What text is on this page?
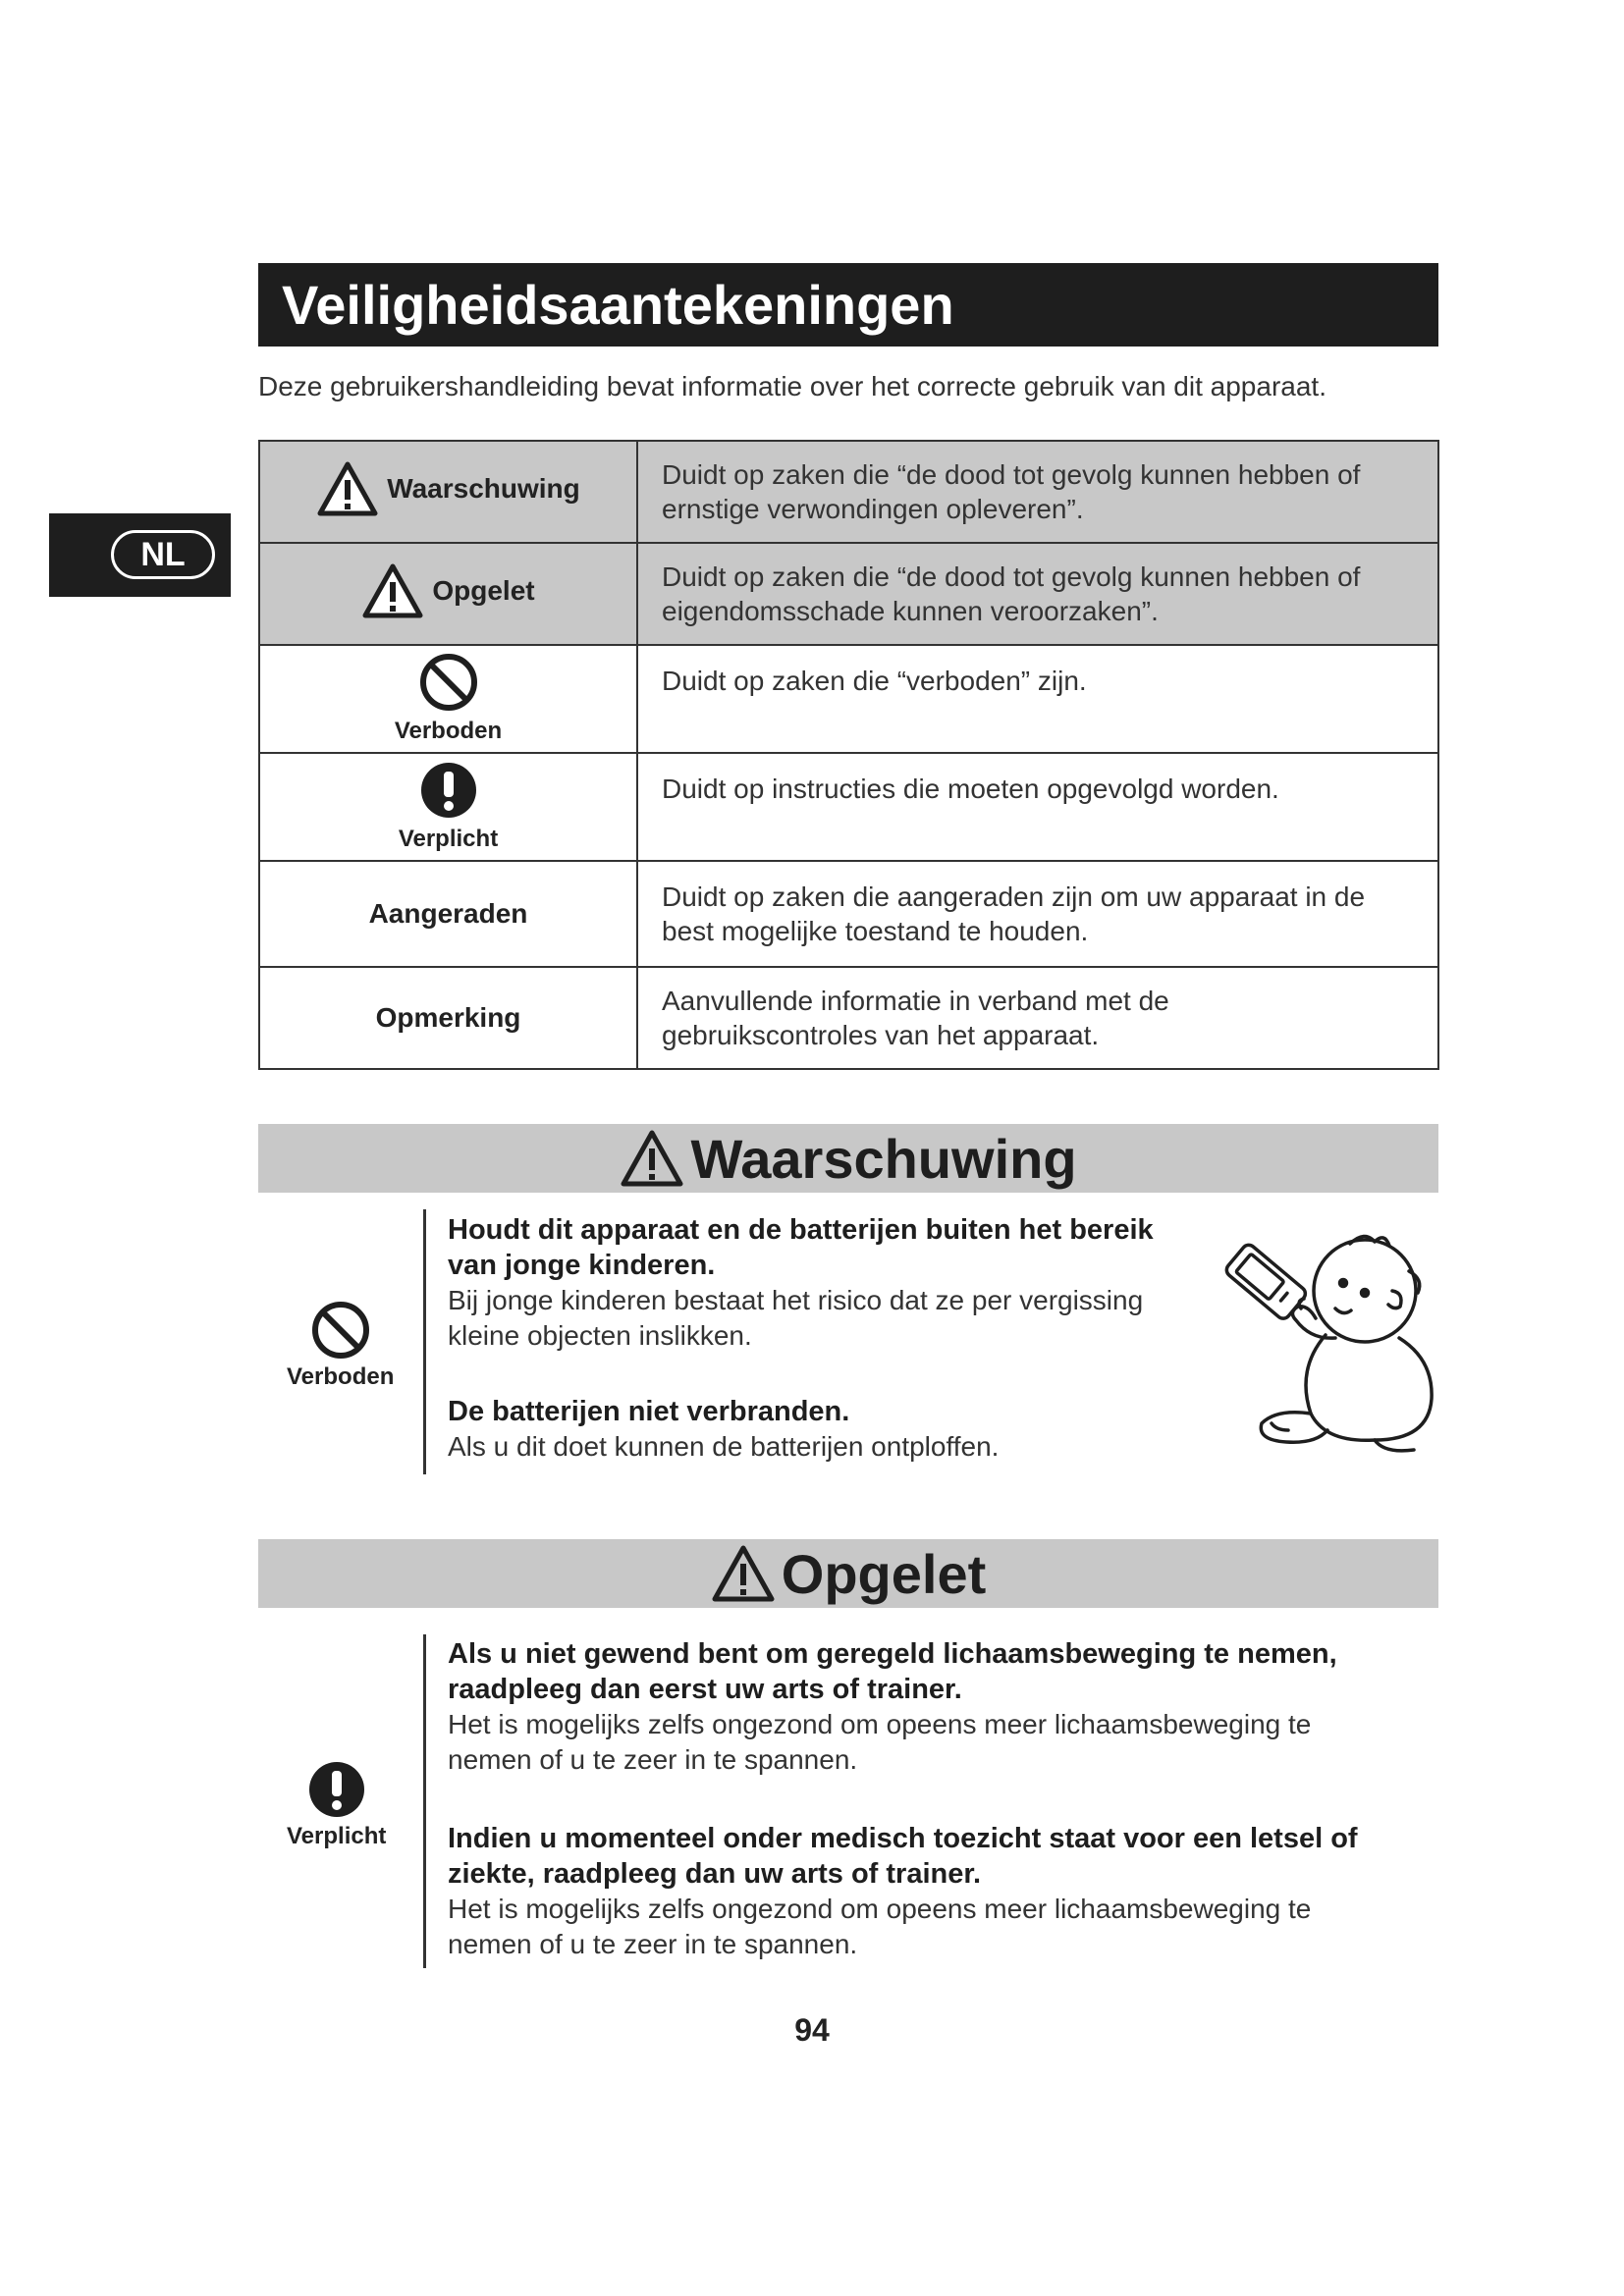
Veiligheidsaantekeningen
Deze gebruikershandleiding bevat informatie over het correcte gebruik van dit apparaat.
NL
Waarschuwing	Duidt op zaken die “de dood tot gevolg kunnen hebben of
ernstige verwondingen opleveren”.

Opgelet	Duidt op zaken die “de dood tot gevolg kunnen hebben of
eigendomsschade kunnen veroorzaken”.

Verboden	Duidt op zaken die “verboden” zijn.

Verplicht	Duidt op instructies die moeten opgevolgd worden.

Aangeraden	Duidt op zaken die aangeraden zijn om uw apparaat in de
best mogelijke toestand te houden.

Opmerking	Aanvullende informatie in verband met de
gebruikscontroles van het apparaat.
Waarschuwing
Verboden
Houdt dit apparaat en de batterijen buiten het bereik
van jonge kinderen.
Bij jonge kinderen bestaat het risico dat ze per vergissing
kleine objecten inslikken.
De batterijen niet verbranden.
Als u dit doet kunnen de batterijen ontploffen.
Opgelet
Verplicht
Als u niet gewend bent om geregeld lichaamsbeweging te nemen,
raadpleeg dan eerst uw arts of trainer.
Het is mogelijks zelfs ongezond om opeens meer lichaamsbeweging te
nemen of u te zeer in te spannen.
Indien u momenteel onder medisch toezicht staat voor een letsel of
ziekte, raadpleeg dan uw arts of trainer.
Het is mogelijks zelfs ongezond om opeens meer lichaamsbeweging te
nemen of u te zeer in te spannen.
94
